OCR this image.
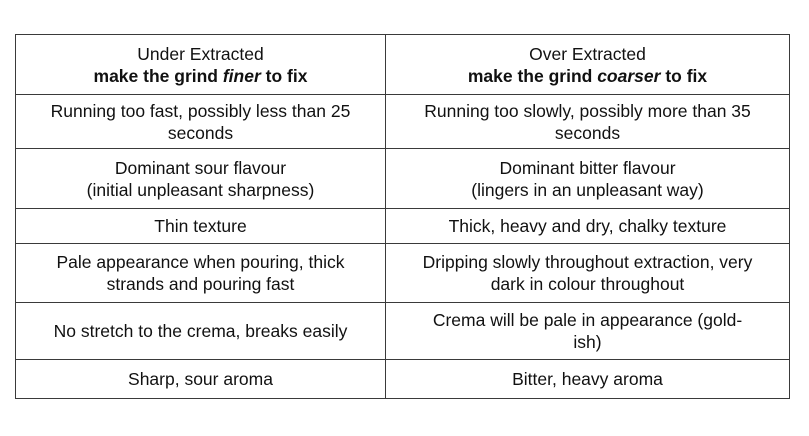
Under Extracted
make the grind finer to fix	Over Extracted
make the grind coarser to fix

Running too fast, possibly less than 25
seconds	Running too slowly, possibly more than 35
seconds

Dominant sour flavour
(initial unpleasant sharpness)	Dominant bitter flavour
(lingers in an unpleasant way)

Thin texture	Thick, heavy and dry, chalky texture

Pale appearance when pouring, thick
strands and pouring fast	Dripping slowly throughout extraction, very
dark in colour throughout

No stretch to the crema, breaks easily	Crema will be pale in appearance (gold-
ish)

Sharp, sour aroma	Bitter, heavy aroma
